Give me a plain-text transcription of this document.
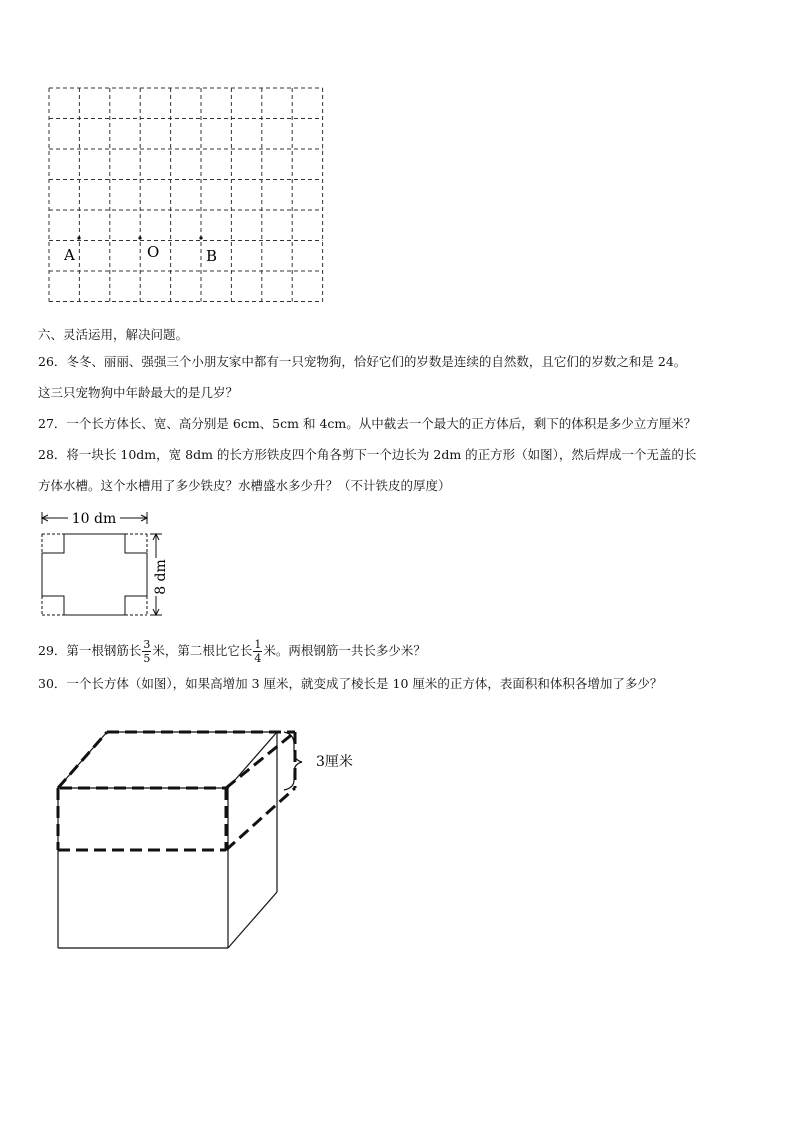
A	O	B
六、灵活运用，解决问题。
26．冬冬、丽丽、强强三个小朋友家中都有一只宠物狗，恰好它们的岁数是连续的自然数，且它们的岁数之和是 24。
这三只宠物狗中年龄最大的是几岁？
27．一个长方体长、宽、高分别是 6cm、5cm 和 4cm。从中截去一个最大的正方体后，剩下的体积是多少立方厘米？
28．将一块长 10dm，宽 8dm 的长方形铁皮四个角各剪下一个边长为 2dm 的正方形（如图），然后焊成一个无盖的长
方体水槽。这个水槽用了多少铁皮？水槽盛水多少升？（不计铁皮的厚度）
10 dm
8 dm
29．第一根钢筋长 $\frac{3}{5}$ 米，第二根比它长 $\frac{1}{4}$ 米。两根钢筋一共长多少米？
30．一个长方体（如图），如果高增加 3 厘米，就变成了棱长是 10 厘米的正方体，表面积和体积各增加了多少？
3厘米
